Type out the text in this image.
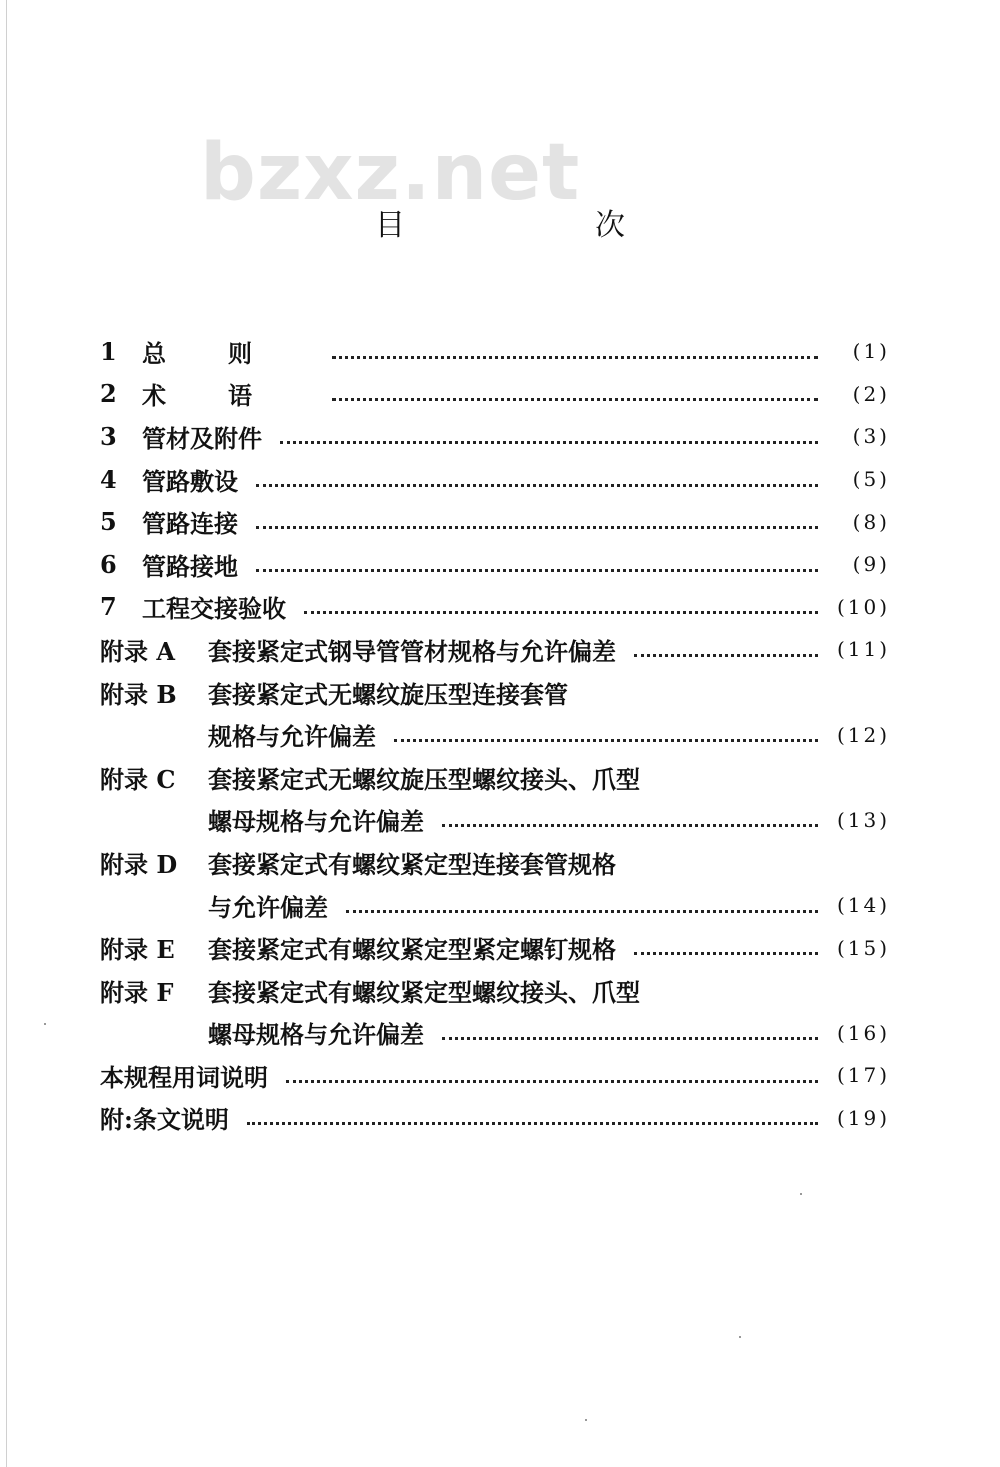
bzxz.net
目　次
1	总则	(1)
2	术语	(2)
3	管材及附件	(3)
4	管路敷设	(5)
5	管路连接	(8)
6	管路接地	(9)
7	工程交接验收	(10)
附录 A	套接紧定式钢导管管材规格与允许偏差	(11)
附录 B	套接紧定式无螺纹旋压型连接套管
规格与允许偏差	(12)
附录 C	套接紧定式无螺纹旋压型螺纹接头、爪型
螺母规格与允许偏差	(13)
附录 D	套接紧定式有螺纹紧定型连接套管规格
与允许偏差	(14)
附录 E	套接紧定式有螺纹紧定型紧定螺钉规格	(15)
附录 F	套接紧定式有螺纹紧定型螺纹接头、爪型
螺母规格与允许偏差	(16)
本规程用词说明	(17)
附:条文说明	(19)
